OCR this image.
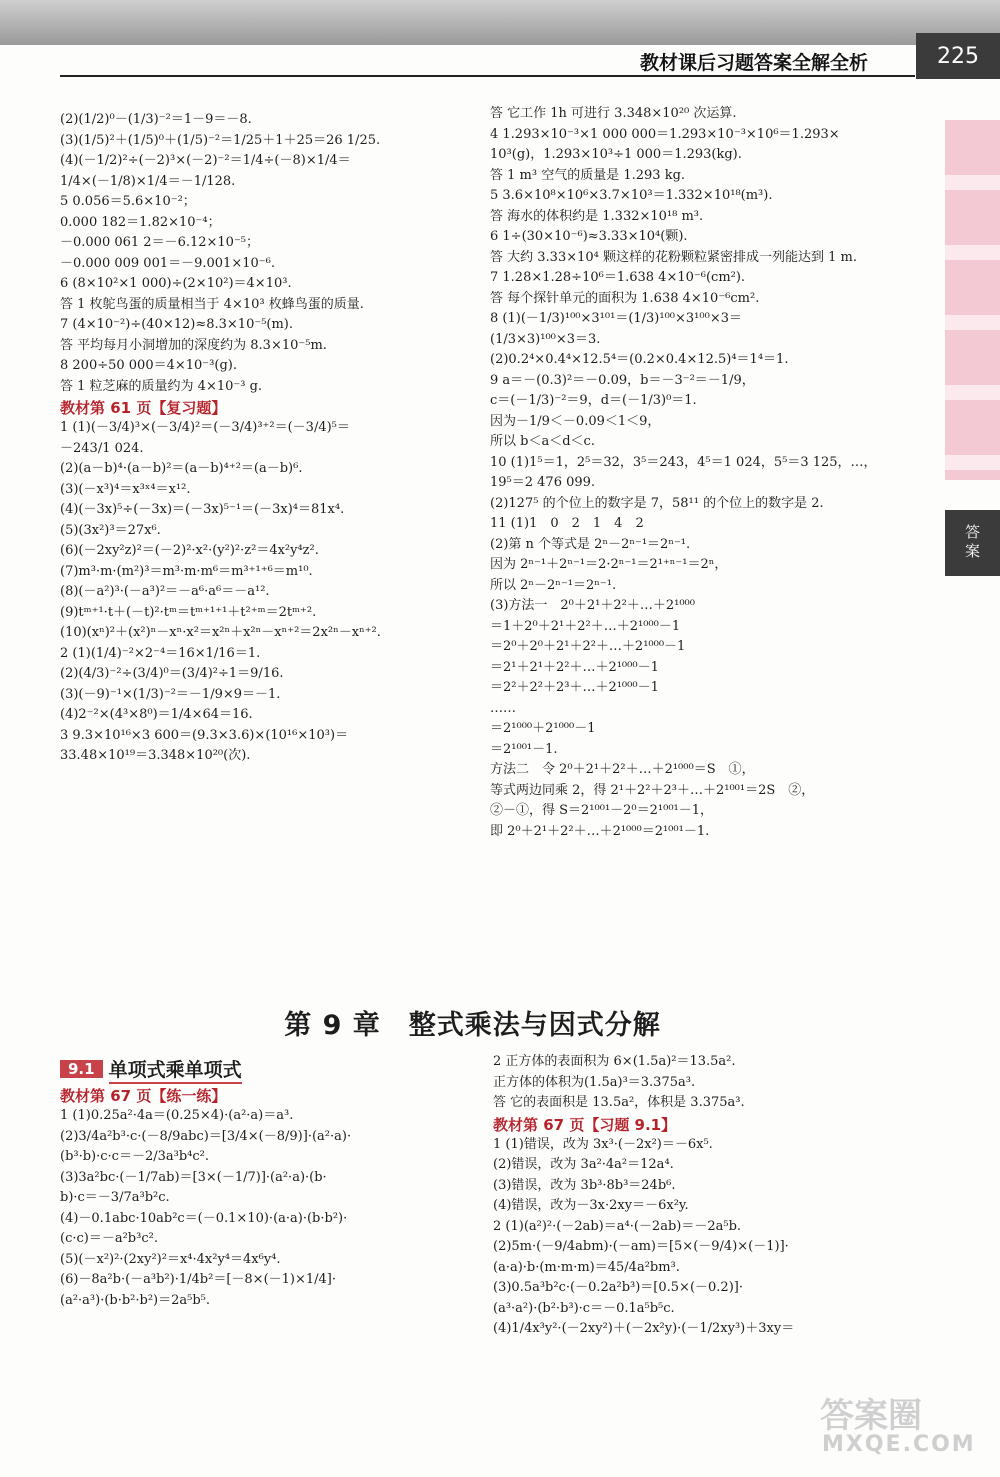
教材课后习题答案全解全析	225
答案
(2)(1/2)⁰－(1/3)⁻²＝1－9＝－8.
(3)(1/5)²＋(1/5)⁰＋(1/5)⁻²＝1/25＋1＋25＝26 1/25.
(4)(－1/2)²÷(－2)³×(－2)⁻²＝1/4÷(－8)×1/4＝
1/4×(－1/8)×1/4＝－1/128.
5 0.056＝5.6×10⁻²；
0.000 182＝1.82×10⁻⁴；
－0.000 061 2＝－6.12×10⁻⁵；
－0.000 009 001＝－9.001×10⁻⁶.
6 (8×10²×1 000)÷(2×10²)＝4×10³.
答 1 枚鸵鸟蛋的质量相当于 4×10³ 枚蜂鸟蛋的质量.
7 (4×10⁻²)÷(40×12)≈8.3×10⁻⁵(m).
答 平均每月小洞增加的深度约为 8.3×10⁻⁵m.
8 200÷50 000＝4×10⁻³(g).
答 1 粒芝麻的质量约为 4×10⁻³ g.
教材第 61 页【复习题】
1 (1)(－3/4)³×(－3/4)²＝(－3/4)³⁺²＝(－3/4)⁵＝
－243/1 024.
(2)(a－b)⁴·(a－b)²＝(a－b)⁴⁺²＝(a－b)⁶.
(3)(－x³)⁴＝x³ˣ⁴＝x¹².
(4)(－3x)⁵÷(－3x)＝(－3x)⁵⁻¹＝(－3x)⁴＝81x⁴.
(5)(3x²)³＝27x⁶.
(6)(－2xy²z)²＝(－2)²·x²·(y²)²·z²＝4x²y⁴z².
(7)m³·m·(m²)³＝m³·m·m⁶＝m³⁺¹⁺⁶＝m¹⁰.
(8)(－a²)³·(－a³)²＝－a⁶·a⁶＝－a¹².
(9)tᵐ⁺¹·t＋(－t)²·tᵐ＝tᵐ⁺¹⁺¹＋t²⁺ᵐ＝2tᵐ⁺².
(10)(xⁿ)²＋(x²)ⁿ－xⁿ·x²＝x²ⁿ＋x²ⁿ－xⁿ⁺²＝2x²ⁿ－xⁿ⁺².
2 (1)(1/4)⁻²×2⁻⁴＝16×1/16＝1.
(2)(4/3)⁻²÷(3/4)⁰＝(3/4)²÷1＝9/16.
(3)(－9)⁻¹×(1/3)⁻²＝－1/9×9＝－1.
(4)2⁻²×(4³×8⁰)＝1/4×64＝16.
3 9.3×10¹⁶×3 600＝(9.3×3.6)×(10¹⁶×10³)＝
33.48×10¹⁹＝3.348×10²⁰(次).
答 它工作 1h 可进行 3.348×10²⁰ 次运算.
4 1.293×10⁻³×1 000 000＝1.293×10⁻³×10⁶＝1.293×
10³(g)，1.293×10³÷1 000＝1.293(kg).
答 1 m³ 空气的质量是 1.293 kg.
5 3.6×10⁸×10⁶×3.7×10³＝1.332×10¹⁸(m³).
答 海水的体积约是 1.332×10¹⁸ m³.
6 1÷(30×10⁻⁶)≈3.33×10⁴(颗).
答 大约 3.33×10⁴ 颗这样的花粉颗粒紧密排成一列能达到 1 m.
7 1.28×1.28÷10⁶＝1.638 4×10⁻⁶(cm²).
答 每个探针单元的面积为 1.638 4×10⁻⁶cm².
8 (1)(－1/3)¹⁰⁰×3¹⁰¹＝(1/3)¹⁰⁰×3¹⁰⁰×3＝
(1/3×3)¹⁰⁰×3＝3.
(2)0.2⁴×0.4⁴×12.5⁴＝(0.2×0.4×12.5)⁴＝1⁴＝1.
9 a＝－(0.3)²＝－0.09，b＝－3⁻²＝－1/9，
c＝(－1/3)⁻²＝9，d＝(－1/3)⁰＝1.
因为－1/9＜－0.09＜1＜9，
所以 b＜a＜d＜c.
10 (1)1⁵＝1，2⁵＝32，3⁵＝243，4⁵＝1 024，5⁵＝3 125，…，
19⁵＝2 476 099.
(2)127⁵ 的个位上的数字是 7，58¹¹ 的个位上的数字是 2.
11 (1)1　0　2　1　4　2
(2)第 n 个等式是 2ⁿ－2ⁿ⁻¹＝2ⁿ⁻¹.
因为 2ⁿ⁻¹＋2ⁿ⁻¹＝2·2ⁿ⁻¹＝2¹⁺ⁿ⁻¹＝2ⁿ，
所以 2ⁿ－2ⁿ⁻¹＝2ⁿ⁻¹.
(3)方法一　2⁰＋2¹＋2²＋…＋2¹⁰⁰⁰
＝1＋2⁰＋2¹＋2²＋…＋2¹⁰⁰⁰－1
＝2⁰＋2⁰＋2¹＋2²＋…＋2¹⁰⁰⁰－1
＝2¹＋2¹＋2²＋…＋2¹⁰⁰⁰－1
＝2²＋2²＋2³＋…＋2¹⁰⁰⁰－1
……
＝2¹⁰⁰⁰＋2¹⁰⁰⁰－1
＝2¹⁰⁰¹－1.
方法二　令 2⁰＋2¹＋2²＋…＋2¹⁰⁰⁰＝S　①，
等式两边同乘 2，得 2¹＋2²＋2³＋…＋2¹⁰⁰¹＝2S　②，
②－①，得 S＝2¹⁰⁰¹－2⁰＝2¹⁰⁰¹－1，
即 2⁰＋2¹＋2²＋…＋2¹⁰⁰⁰＝2¹⁰⁰¹－1.
第 9 章　整式乘法与因式分解
9.1 单项式乘单项式
教材第 67 页【练一练】
1 (1)0.25a²·4a＝(0.25×4)·(a²·a)＝a³.
(2)3/4a²b³·c·(－8/9abc)＝[3/4×(－8/9)]·(a²·a)·
(b³·b)·c·c＝－2/3a³b⁴c².
(3)3a²bc·(－1/7ab)＝[3×(－1/7)]·(a²·a)·(b·
b)·c＝－3/7a³b²c.
(4)－0.1abc·10ab²c＝(－0.1×10)·(a·a)·(b·b²)·
(c·c)＝－a²b³c².
(5)(－x²)²·(2xy²)²＝x⁴·4x²y⁴＝4x⁶y⁴.
(6)－8a²b·(－a³b²)·1/4b²＝[－8×(－1)×1/4]·
(a²·a³)·(b·b²·b²)＝2a⁵b⁵.
2 正方体的表面积为 6×(1.5a)²＝13.5a².
正方体的体积为(1.5a)³＝3.375a³.
答 它的表面积是 13.5a²，体积是 3.375a³.
教材第 67 页【习题 9.1】
1 (1)错误，改为 3x³·(－2x²)＝－6x⁵.
(2)错误，改为 3a²·4a²＝12a⁴.
(3)错误，改为 3b³·8b³＝24b⁶.
(4)错误，改为－3x·2xy＝－6x²y.
2 (1)(a²)²·(－2ab)＝a⁴·(－2ab)＝－2a⁵b.
(2)5m·(－9/4abm)·(－am)＝[5×(－9/4)×(－1)]·
(a·a)·b·(m·m·m)＝45/4a²bm³.
(3)0.5a³b²c·(－0.2a²b³)＝[0.5×(－0.2)]·
(a³·a²)·(b²·b³)·c＝－0.1a⁵b⁵c.
(4)1/4x³y²·(－2xy²)＋(－2x²y)·(－1/2xy³)＋3xy＝
答案圈
MXQE.COM
